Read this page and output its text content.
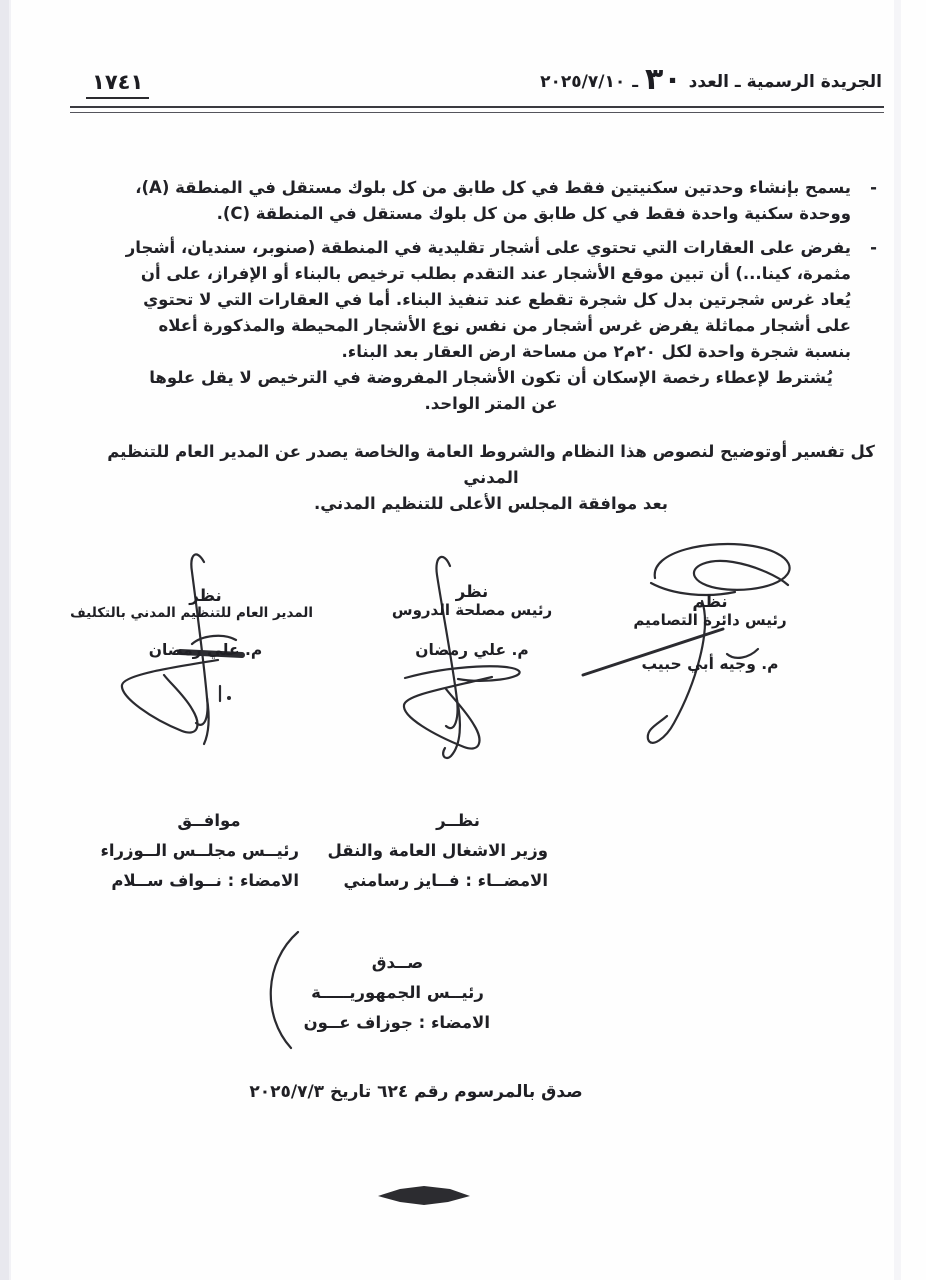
الجريدة الرسمية ـ العدد
٣٠
ـ
٢٠٢٥/٧/١٠
١٧٤١
-
يسمح بإنشاء وحدتين سكنيتين فقط في كل طابق من كل بلوك مستقل في المنطقة (A)،
ووحدة سكنية واحدة فقط في كل طابق من كل بلوك مستقل في المنطقة (C).
-
يفرض على العقارات التي تحتوي على أشجار تقليدية في المنطقة (صنوبر، سنديان، أشجار
مثمرة، كينا...) أن تبين موقع الأشجار عند التقدم بطلب ترخيص بالبناء أو الإفراز، على أن
يُعاد غرس شجرتين بدل كل شجرة تقطع عند تنفيذ البناء. أما في العقارات التي لا تحتوي
على أشجار مماثلة يفرض غرس أشجار من نفس نوع الأشجار المحيطة والمذكورة أعلاه
بنسبة شجرة واحدة لكل ٢٠م٢ من مساحة ارض العقار بعد البناء.
يُشترط لإعطاء رخصة الإسكان أن تكون الأشجار المفروضة في الترخيص لا يقل علوها
عن المتر الواحد.
كل تفسير أوتوضيح لنصوص هذا النظام والشروط العامة والخاصة يصدر عن المدير العام للتنظيم المدني
بعد موافقة المجلس الأعلى للتنظيم المدني.
نظم
رئيس دائرة التصاميم
م. وجيه أبي حبيب
نظر
رئيس مصلحة الدروس
م. علي رمضان
نظر
المدير العام للتنظيم المدني بالتكليف
م. علي رمضان
نظــر
وزير الاشغال العامة والنقل
الامضــاء : فــايز رسامني
موافــق
رئيــس مجلــس الــوزراء
الامضاء : نــواف ســلام
صــدق
رئيــس الجمهوريـــــة
الامضاء : جوزاف عــون
صدق بالمرسوم رقم ٦٢٤ تاريخ ٢٠٢٥/٧/٣
